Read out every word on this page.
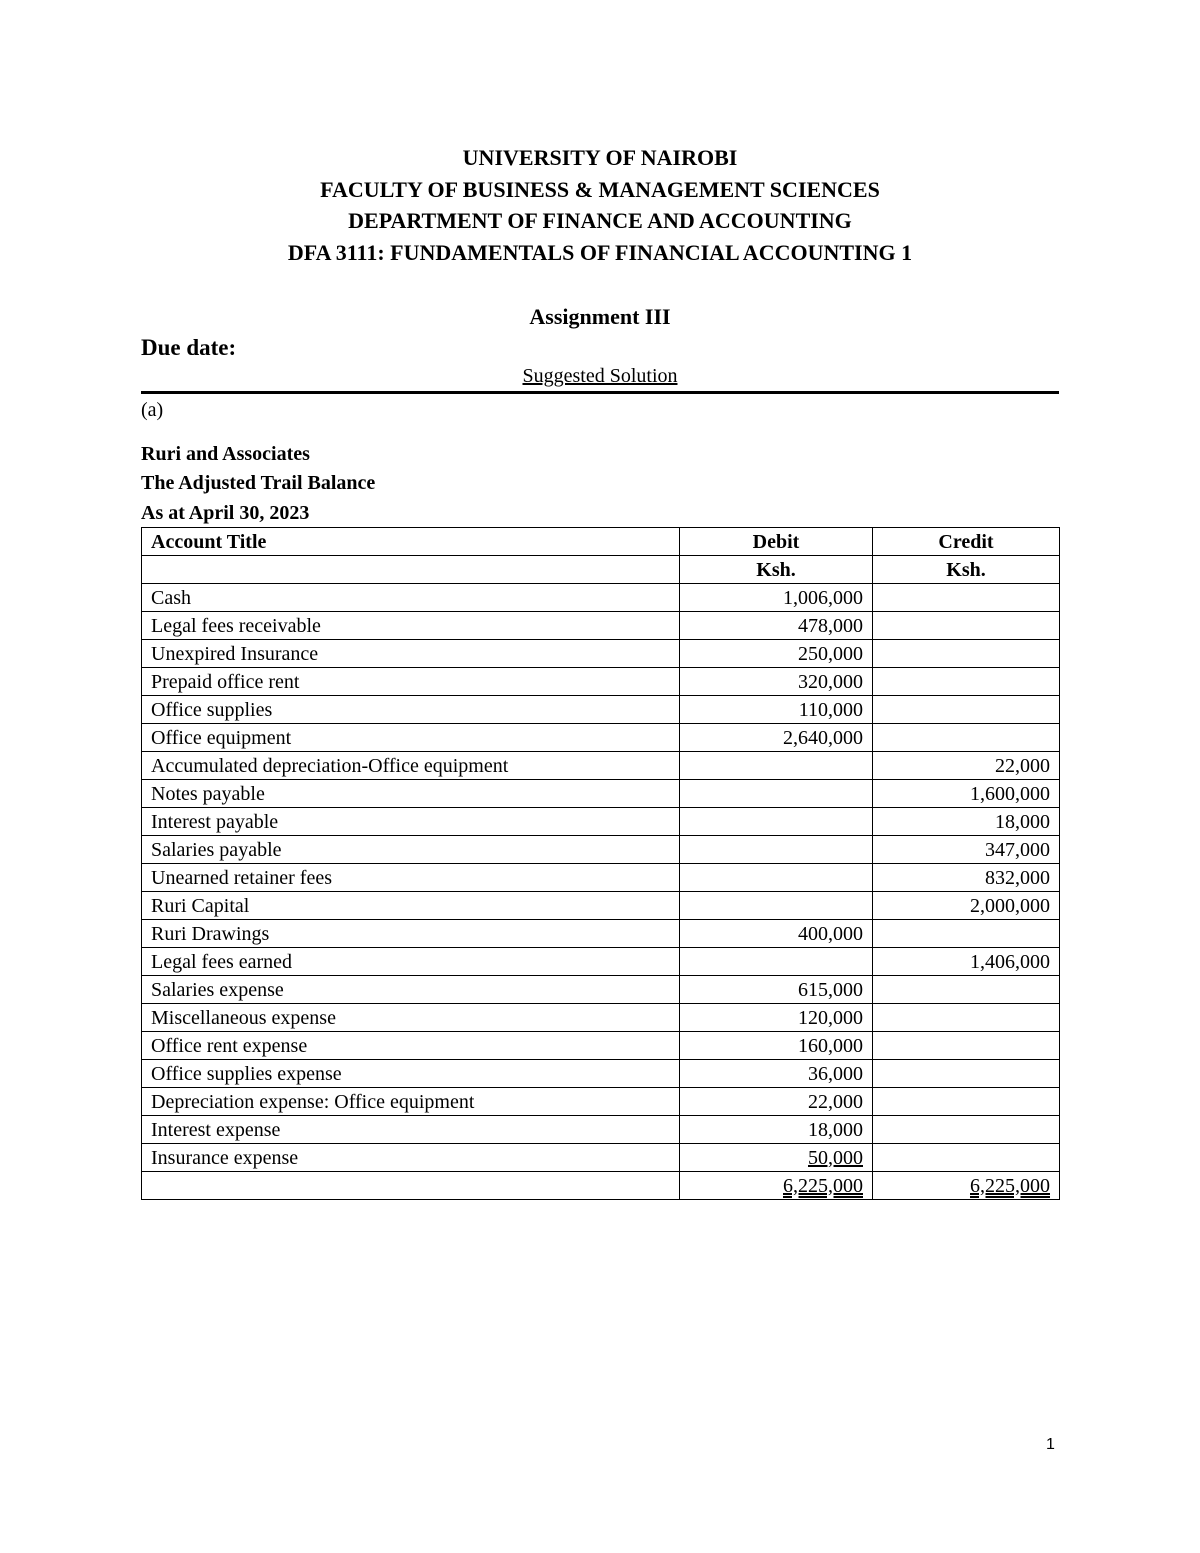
UNIVERSITY OF NAIROBI
FACULTY OF BUSINESS & MANAGEMENT SCIENCES
DEPARTMENT OF FINANCE AND ACCOUNTING
DFA 3111: FUNDAMENTALS OF FINANCIAL ACCOUNTING 1
Assignment III
Due date:
Suggested Solution
(a)
Ruri and Associates
The Adjusted Trail Balance
As at April 30, 2023
Account Title	Debit	Credit
	Ksh.	Ksh.
Cash	1,006,000	
Legal fees receivable	478,000	
Unexpired Insurance	250,000	
Prepaid office rent	320,000	
Office supplies	110,000	
Office equipment	2,640,000	
Accumulated depreciation-Office equipment		22,000
Notes payable		1,600,000
Interest payable		18,000
Salaries payable		347,000
Unearned retainer fees		832,000
Ruri Capital		2,000,000
Ruri Drawings	400,000	
Legal fees earned		1,406,000
Salaries expense	615,000	
Miscellaneous expense	120,000	
Office rent expense	160,000	
Office supplies expense	36,000	
Depreciation expense: Office equipment	22,000	
Interest expense	18,000	
Insurance expense	50,000	
	6,225,000	6,225,000
1
